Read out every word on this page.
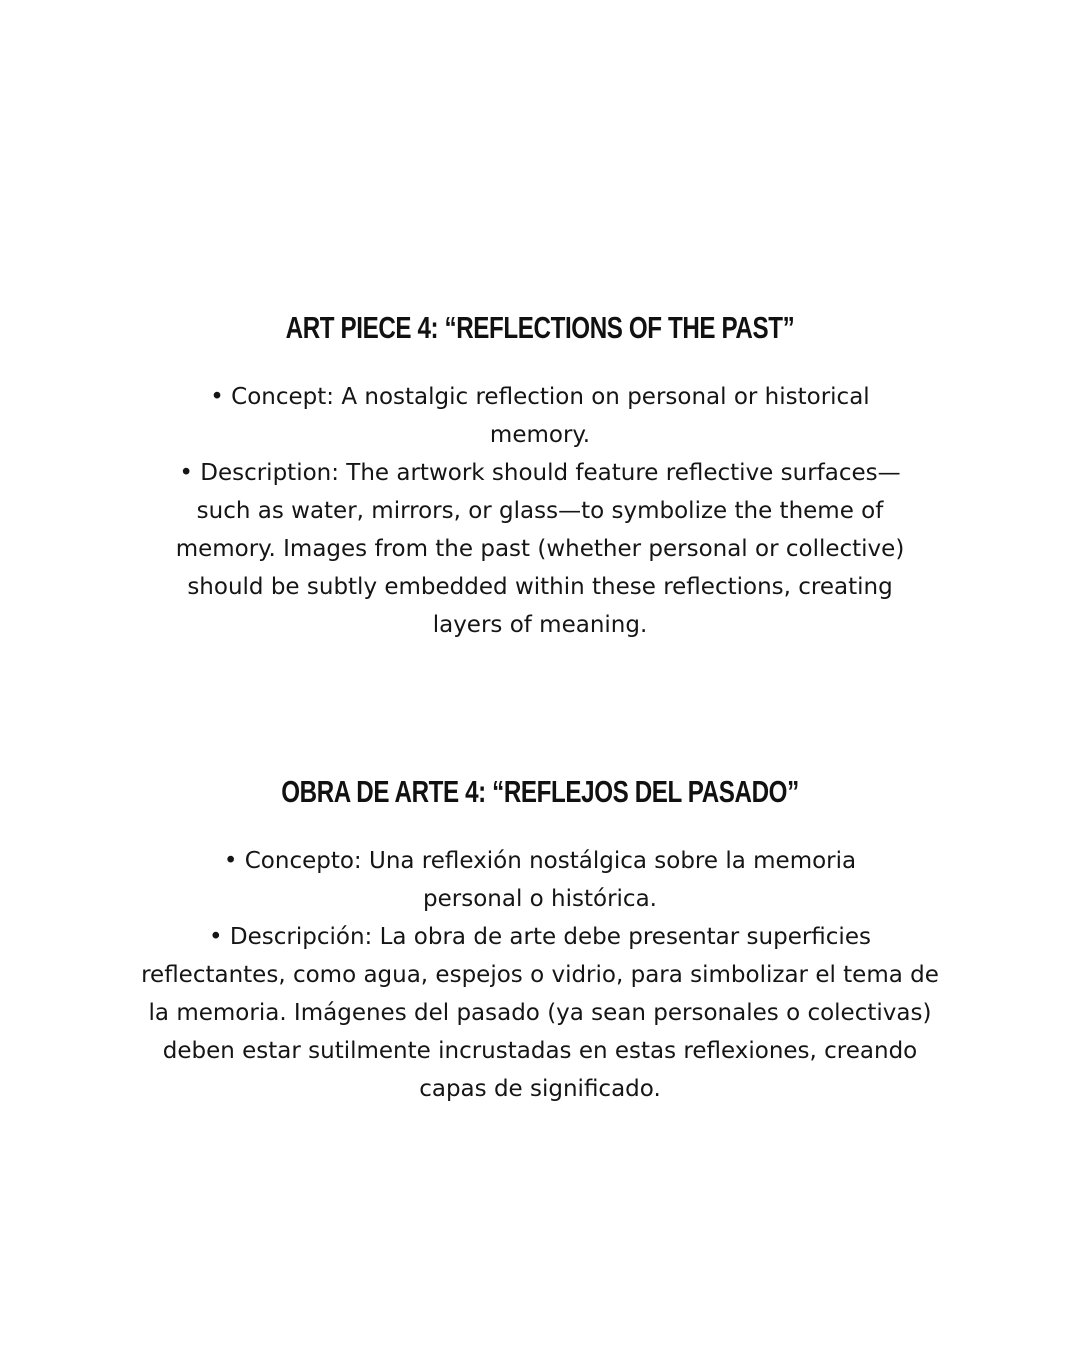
ART PIECE 4: “REFLECTIONS OF THE PAST”

• Concept: A nostalgic reflection on personal or historical memory.

• Description: The artwork should feature reflective surfaces—such as water, mirrors, or glass—to symbolize the theme of memory. Images from the past (whether personal or collective) should be subtly embedded within these reflections, creating layers of meaning.

OBRA DE ARTE 4: “REFLEJOS DEL PASADO”

• Concepto: Una reflexión nostálgica sobre la memoria personal o histórica.

• Descripción: La obra de arte debe presentar superficies reflectantes, como agua, espejos o vidrio, para simbolizar el tema de la memoria. Imágenes del pasado (ya sean personales o colectivas) deben estar sutilmente incrustadas en estas reflexiones, creando capas de significado.
